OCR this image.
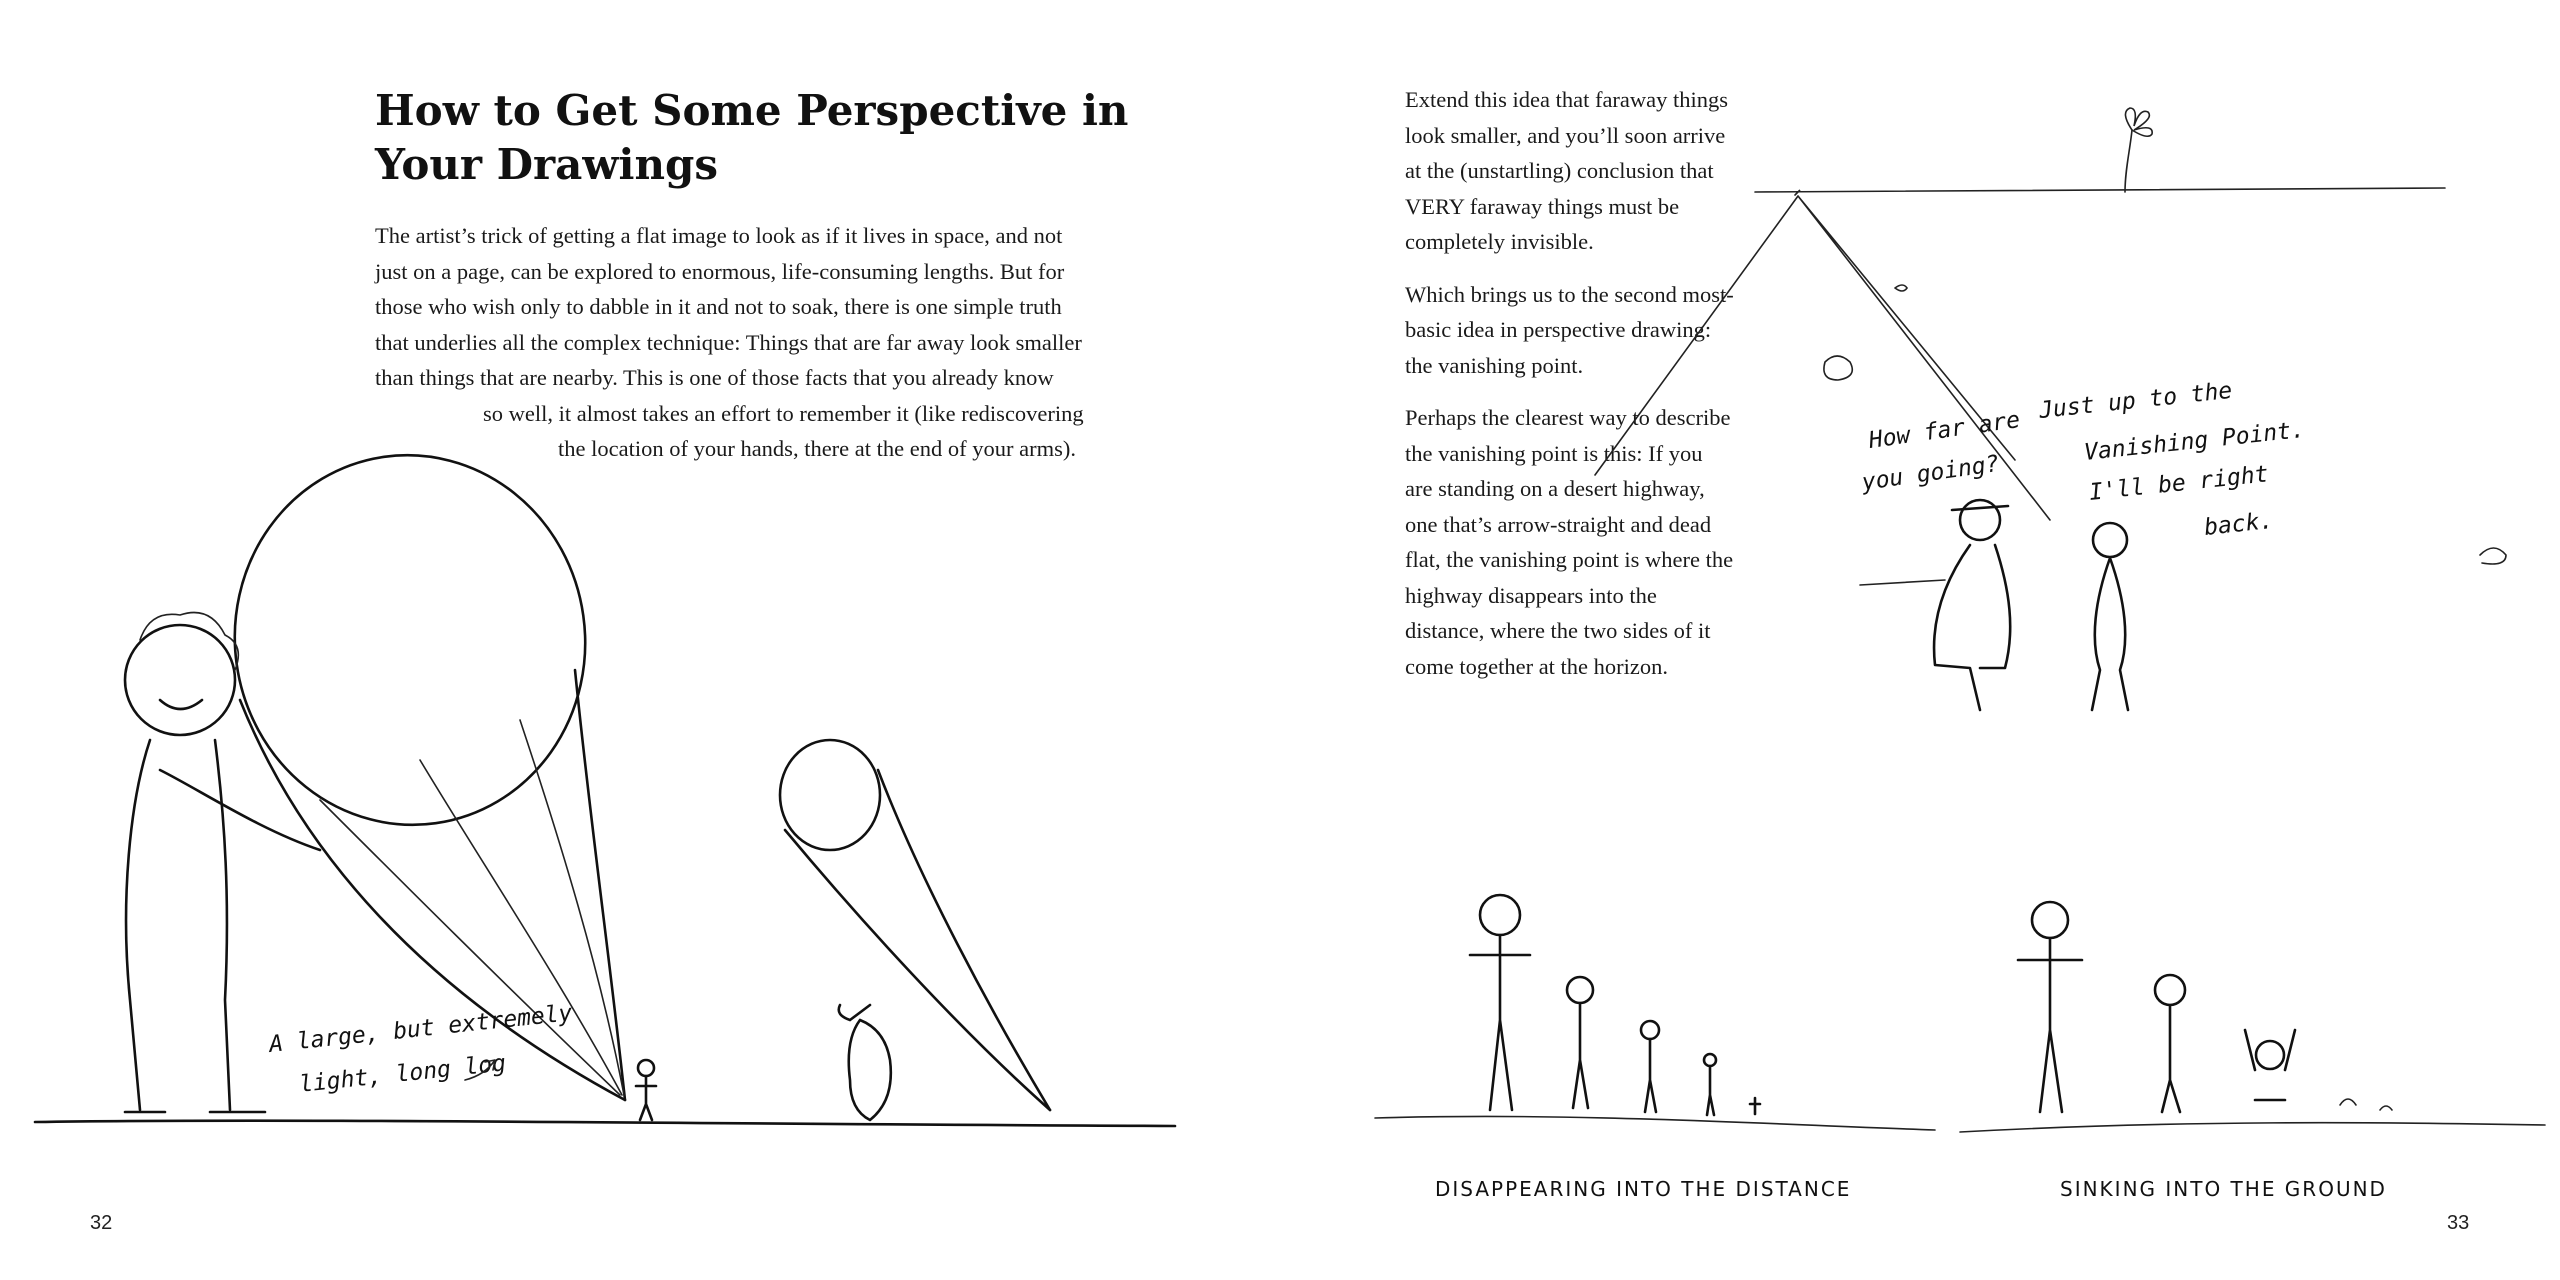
How to Get Some Perspective in Your Drawings
The artist’s trick of getting a flat image to look as if it lives in space, and not
just on a page, can be explored to enormous, life-consuming lengths. But for
those who wish only to dabble in it and not to soak, there is one simple truth
that underlies all the complex technique: Things that are far away look smaller
than things that are nearby. This is one of those facts that you already know
so well, it almost takes an effort to remember it (like rediscovering
the location of your hands, there at the end of your arms).
A large, but extremely
light, long log
32

Extend this idea that faraway things look smaller, and you’ll soon arrive at the (unstartling) conclusion that VERY faraway things must be completely invisible.

Which brings us to the second most-basic idea in perspective drawing: the vanishing point.

Perhaps the clearest way to describe the vanishing point is this: If you are standing on a desert highway, one that’s arrow-straight and dead flat, the vanishing point is where the highway disappears into the distance, where the two sides of it come together at the horizon.

How far are
you going?
Just up to the
Vanishing Point.
I'll be right
back.
DISAPPEARING INTO THE DISTANCE	SINKING INTO THE GROUND
33
